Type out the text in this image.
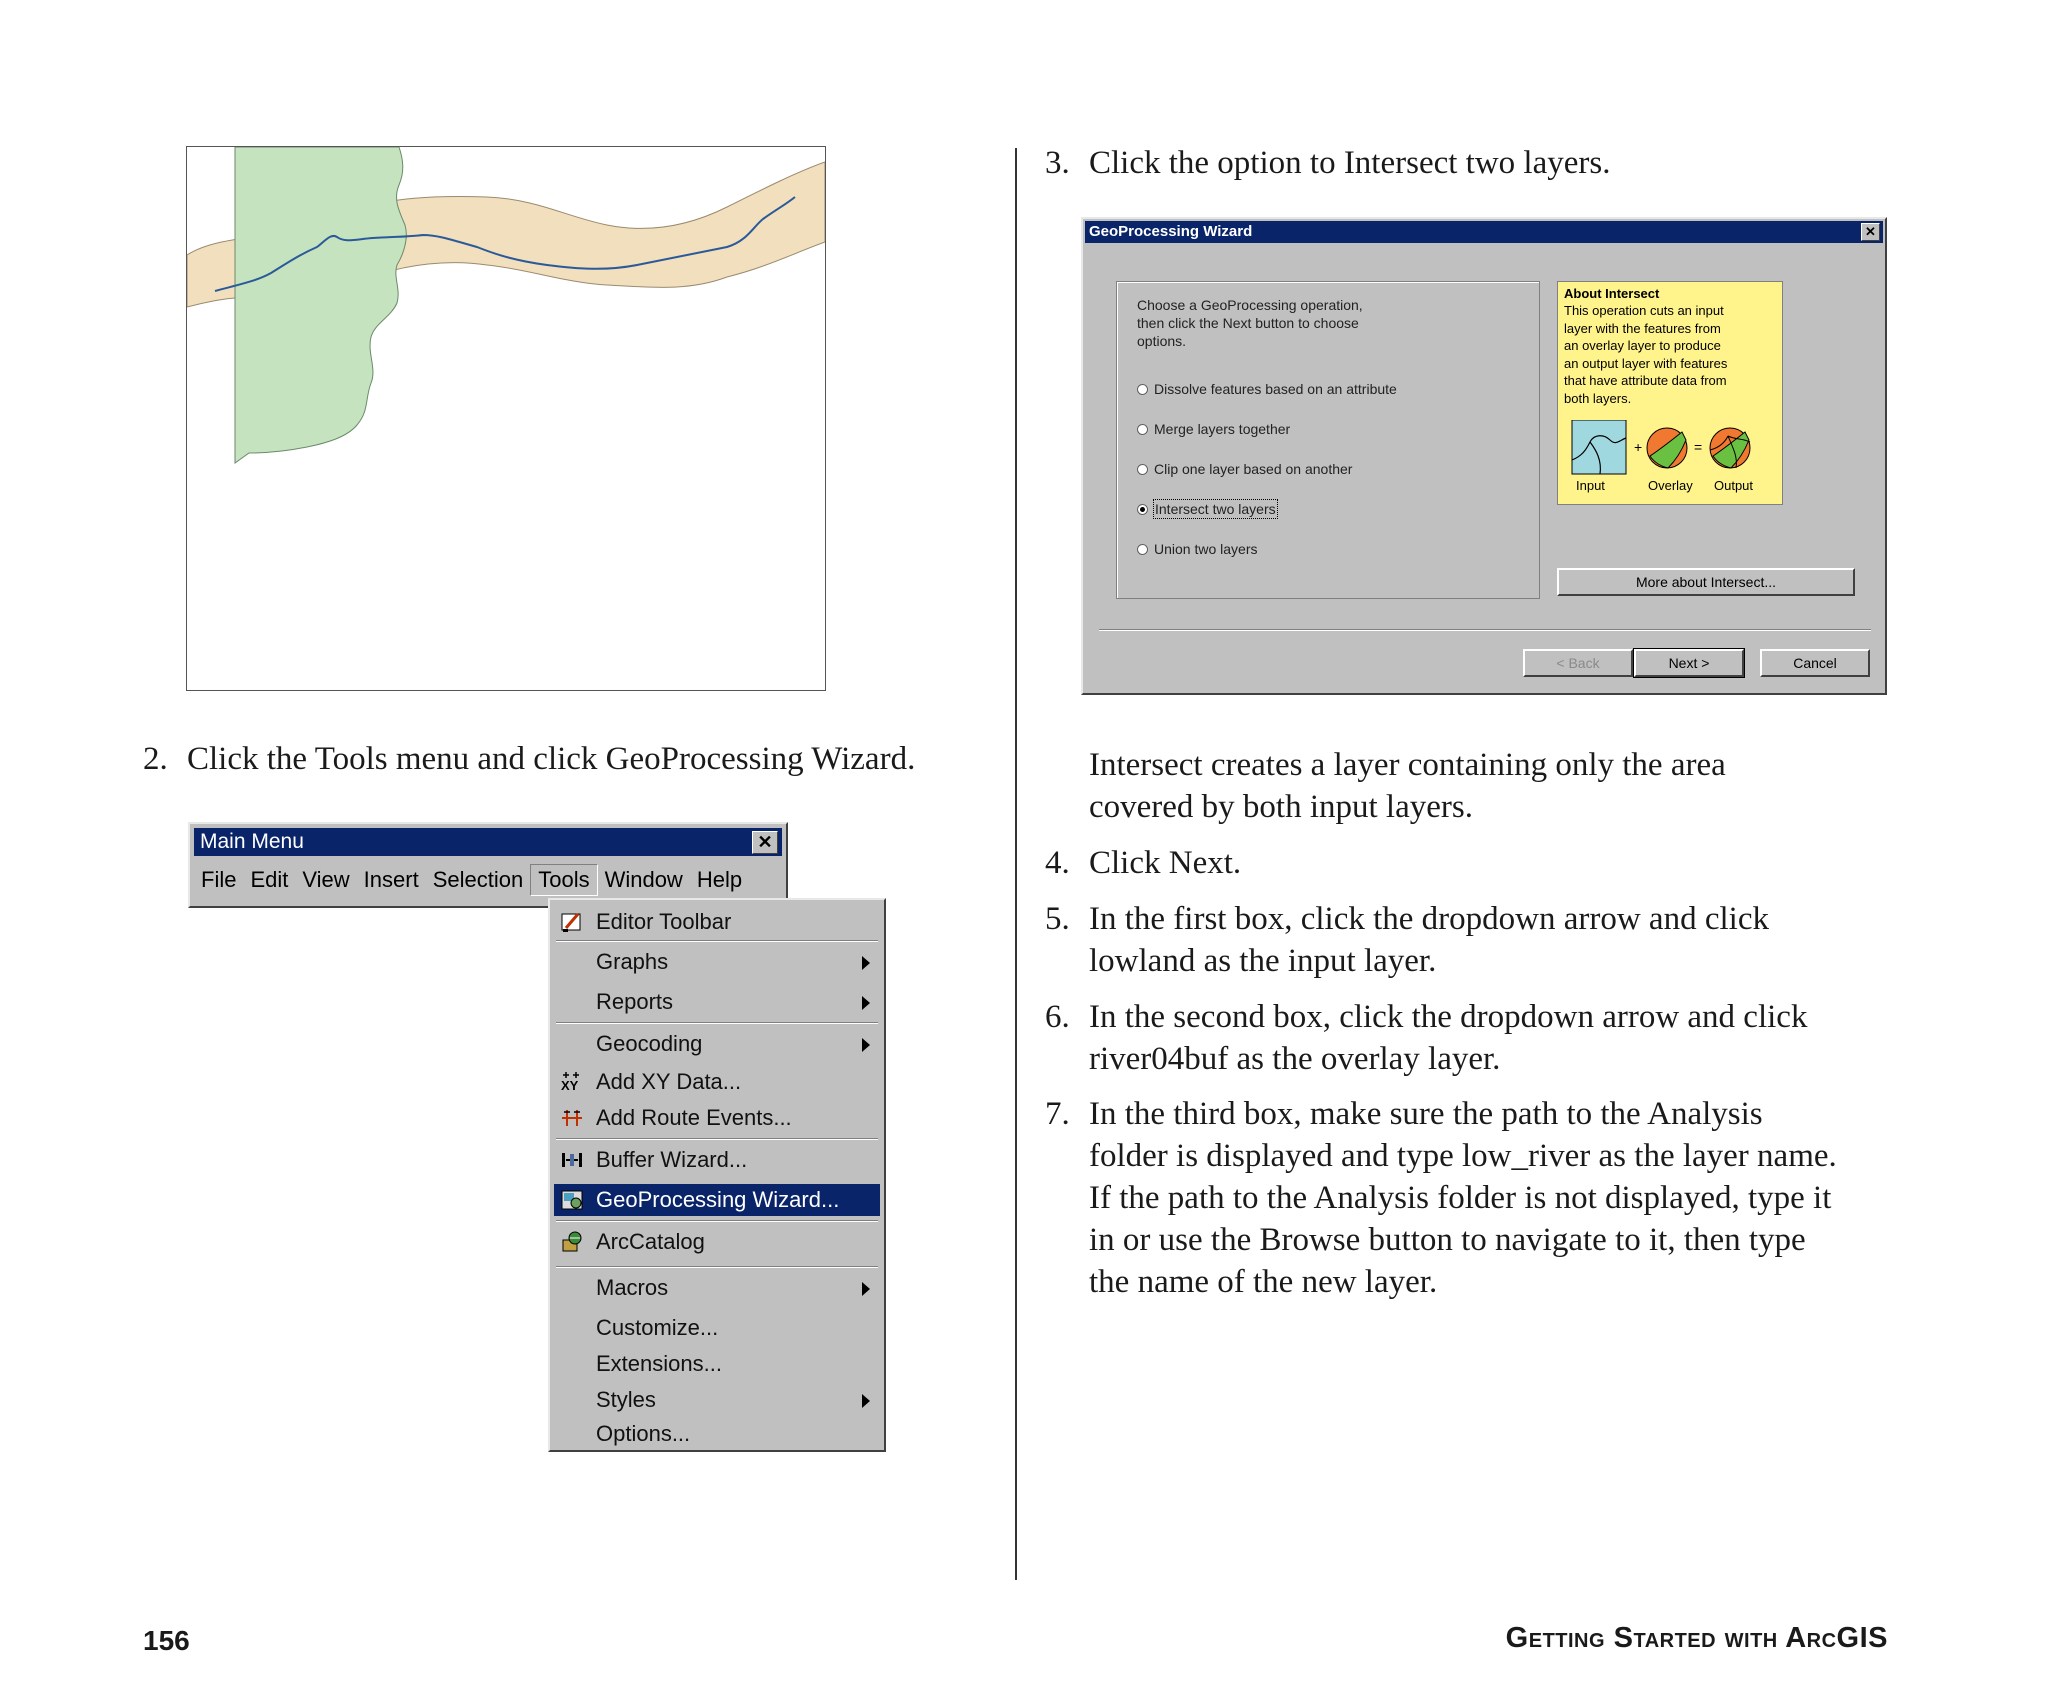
2. Click the Tools menu and click GeoProcessing Wizard.
Main Menu	✕
File Edit View Insert Selection Tools Window Help
Editor Toolbar
Graphs
Reports
Geocoding
XY Add XY Data...
Add Route Events...
Buffer Wizard...
GeoProcessing Wizard...
ArcCatalog
Macros
Customize...
Extensions...
Styles
Options...
3. Click the option to Intersect two layers.
GeoProcessing Wizard	✕
Choose a GeoProcessing operation,
then click the Next button to choose
options.
Dissolve features based on an attribute
Merge layers together
Clip one layer based on another
Intersect two layers
Union two layers
About Intersect
This operation cuts an input
layer with the features from
an overlay layer to produce
an output layer with features
that have attribute data from
both layers.
+	=
Input	Overlay Output
More about Intersect...
< Back	Next >	Cancel
Intersect creates a layer containing only the area
covered by both input layers.
4. Click Next.
5. In the first box, click the dropdown arrow and click
lowland as the input layer.
6. In the second box, click the dropdown arrow and click
river04buf as the overlay layer.
7. In the third box, make sure the path to the Analysis
folder is displayed and type low_river as the layer name.
If the path to the Analysis folder is not displayed, type it
in or use the Browse button to navigate to it, then type
the name of the new layer.
156	Getting Started with ArcGIS
